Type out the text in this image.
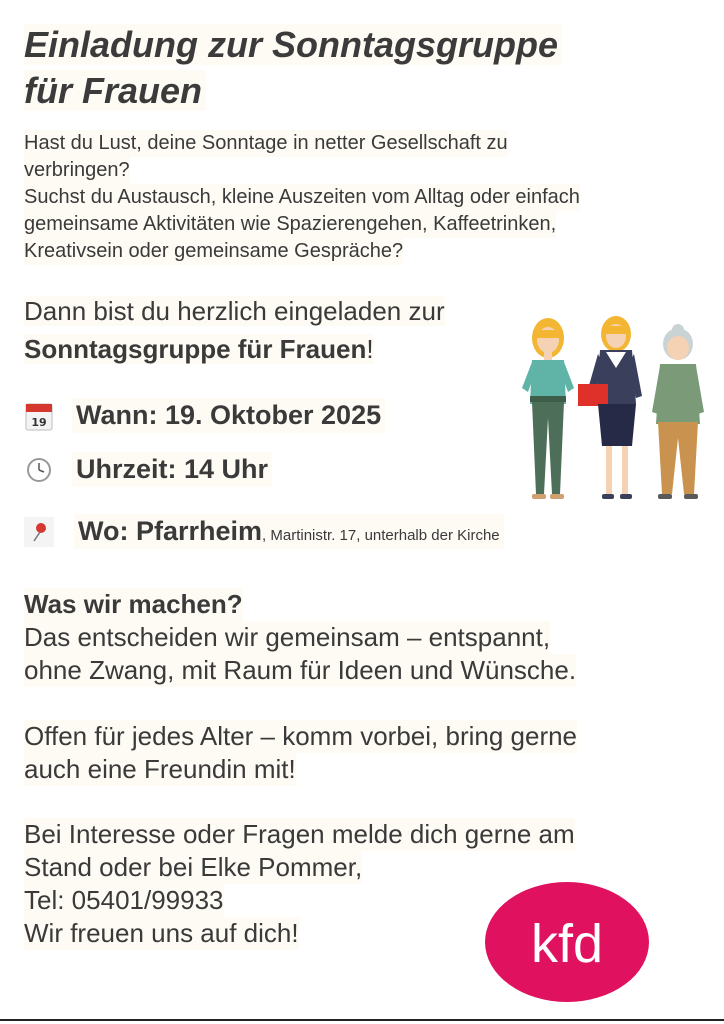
Einladung zur Sonntagsgruppe
für Frauen
Hast du Lust, deine Sonntage in netter Gesellschaft zu
verbringen?
Suchst du Austausch, kleine Auszeiten vom Alltag oder einfach
gemeinsame Aktivitäten wie Spazierengehen, Kaffeetrinken,
Kreativsein oder gemeinsame Gespräche?
Dann bist du herzlich eingeladen zur
Sonntagsgruppe für Frauen!
19 Wann: 19. Oktober 2025
Uhrzeit: 14 Uhr
Wo: Pfarrheim, Martinistr. 17, unterhalb der Kirche
Was wir machen?
Das entscheiden wir gemeinsam – entspannt,
ohne Zwang, mit Raum für Ideen und Wünsche.
Offen für jedes Alter – komm vorbei, bring gerne
auch eine Freundin mit!
Bei Interesse oder Fragen melde dich gerne am
Stand oder bei Elke Pommer,
Tel: 05401/99933
Wir freuen uns auf dich!	kfd
